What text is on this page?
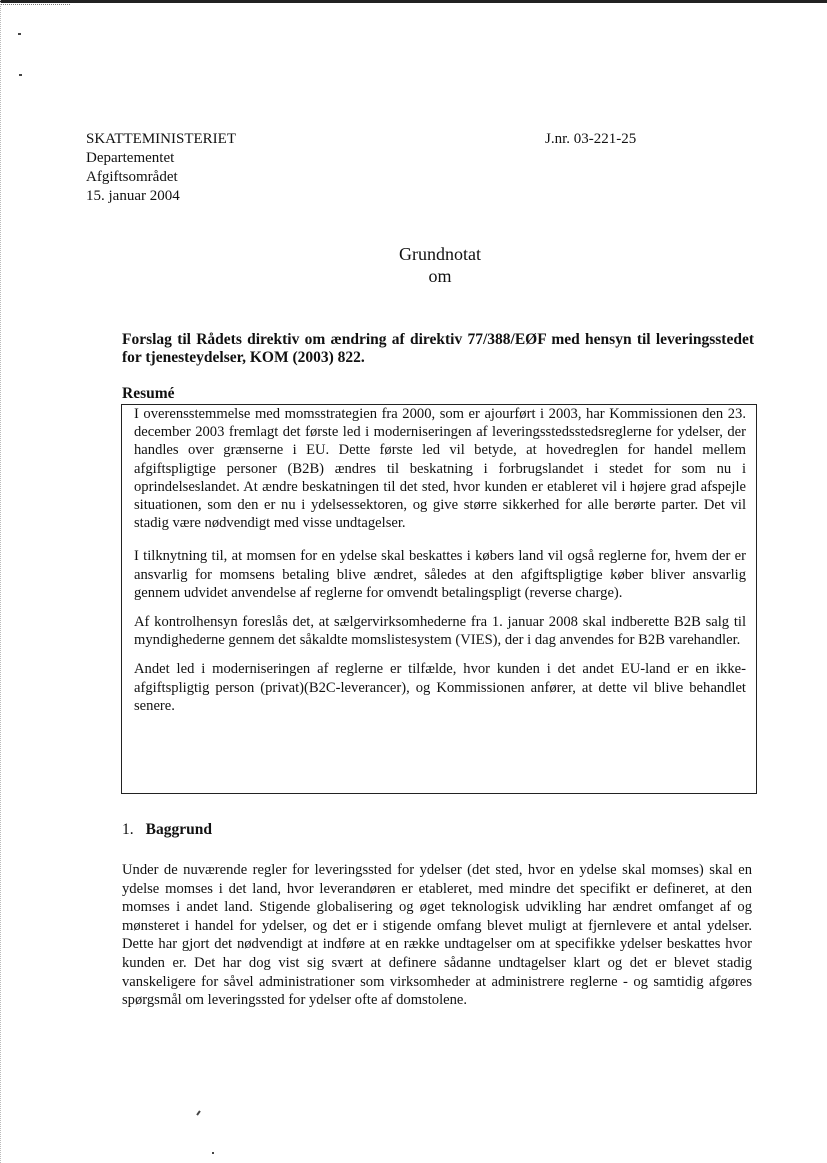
SKATTEMINISTERIET
Departementet
Afgiftsområdet
15. januar 2004
J.nr. 03-221-25
Grundnotat
om
Forslag til Rådets direktiv om ændring af direktiv 77/388/EØF med hensyn til leveringsstedet for tjenesteydelser, KOM (2003) 822.
Resumé

I overensstemmelse med momsstrategien fra 2000, som er ajourført i 2003, har Kommissionen den 23. december 2003 fremlagt det første led i moderniseringen af leveringsstedsstedsreglerne for ydelser, der handles over grænserne i EU. Dette første led vil betyde, at hovedreglen for handel mellem afgiftspligtige personer (B2B) ændres til beskatning i forbrugslandet i stedet for som nu i oprindelseslandet. At ændre beskatningen til det sted, hvor kunden er etableret vil i højere grad afspejle situationen, som den er nu i ydelsessektoren, og give større sikkerhed for alle berørte parter. Det vil stadig være nødvendigt med visse undtagelser.

I tilknytning til, at momsen for en ydelse skal beskattes i købers land vil også reglerne for, hvem der er ansvarlig for momsens betaling blive ændret, således at den afgiftspligtige køber bliver ansvarlig gennem udvidet anvendelse af reglerne for omvendt betalingspligt (reverse charge).

Af kontrolhensyn foreslås det, at sælgervirksomhederne fra 1. januar 2008 skal indberette B2B salg til myndighederne gennem det såkaldte momslistesystem (VIES), der i dag anvendes for B2B varehandler.

Andet led i moderniseringen af reglerne er tilfælde, hvor kunden i det andet EU-land er en ikke-afgiftspligtig person (privat)(B2C-leverancer), og Kommissionen anfører, at dette vil blive behandlet senere.

1. Baggrund

Under de nuværende regler for leveringssted for ydelser (det sted, hvor en ydelse skal momses) skal en ydelse momses i det land, hvor leverandøren er etableret, med mindre det specifikt er defineret, at den momses i andet land. Stigende globalisering og øget teknologisk udvikling har ændret omfanget af og mønsteret i handel for ydelser, og det er i stigende omfang blevet muligt at fjernlevere et antal ydelser. Dette har gjort det nødvendigt at indføre at en række undtagelser om at specifikke ydelser beskattes hvor kunden er. Det har dog vist sig svært at definere sådanne undtagelser klart og det er blevet stadig vanskeligere for såvel administrationer som virksomheder at administrere reglerne - og samtidig afgøres spørgsmål om leveringssted for ydelser ofte af domstolene.
